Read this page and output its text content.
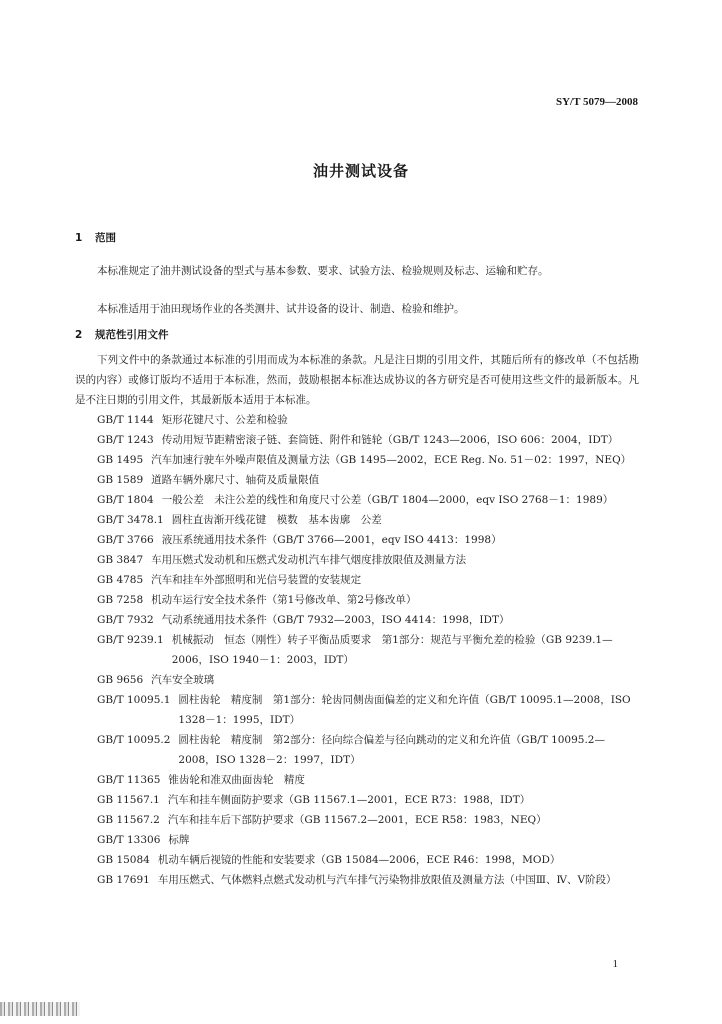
SY/T 5079—2008
油井测试设备
1 范围

本标准规定了油井测试设备的型式与基本参数、要求、试验方法、检验规则及标志、运输和贮存。

本标准适用于油田现场作业的各类测井、试井设备的设计、制造、检验和维护。

2 规范性引用文件

下列文件中的条款通过本标准的引用而成为本标准的条款。凡是注日期的引用文件，其随后所有的修改单（不包括勘误的内容）或修订版均不适用于本标准，然而，鼓励根据本标准达成协议的各方研究是否可使用这些文件的最新版本。凡是不注日期的引用文件，其最新版本适用于本标准。

GB/T 1144 矩形花键尺寸、公差和检验
GB/T 1243 传动用短节距精密滚子链、套筒链、附件和链轮（GB/T 1243—2006，ISO 606：2004，IDT）
GB 1495 汽车加速行驶车外噪声限值及测量方法（GB 1495—2002，ECE Reg. No. 51－02：1997，NEQ）
GB 1589 道路车辆外廓尺寸、轴荷及质量限值
GB/T 1804 一般公差　未注公差的线性和角度尺寸公差（GB/T 1804—2000，eqv ISO 2768－1：1989）
GB/T 3478.1 圆柱直齿渐开线花键　模数　基本齿廓　公差
GB/T 3766 液压系统通用技术条件（GB/T 3766—2001，eqv ISO 4413：1998）
GB 3847 车用压燃式发动机和压燃式发动机汽车排气烟度排放限值及测量方法
GB 4785 汽车和挂车外部照明和光信号装置的安装规定
GB 7258 机动车运行安全技术条件（第1号修改单、第2号修改单）
GB/T 7932 气动系统通用技术条件（GB/T 7932—2003，ISO 4414：1998，IDT）
GB/T 9239.1 机械振动　恒态（刚性）转子平衡品质要求　第1部分：规范与平衡允差的检验（GB 9239.1—2006，ISO 1940－1：2003，IDT）
GB 9656 汽车安全玻璃
GB/T 10095.1 圆柱齿轮　精度制　第1部分：轮齿同侧齿面偏差的定义和允许值（GB/T 10095.1—2008，ISO 1328－1：1995，IDT）
GB/T 10095.2 圆柱齿轮　精度制　第2部分：径向综合偏差与径向跳动的定义和允许值（GB/T 10095.2—2008，ISO 1328－2：1997，IDT）
GB/T 11365 锥齿轮和准双曲面齿轮　精度
GB 11567.1 汽车和挂车侧面防护要求（GB 11567.1—2001，ECE R73：1988，IDT）
GB 11567.2 汽车和挂车后下部防护要求（GB 11567.2—2001，ECE R58：1983，NEQ）
GB/T 13306 标牌
GB 15084 机动车辆后视镜的性能和安装要求（GB 15084—2006，ECE R46：1998，MOD）
GB 17691 车用压燃式、气体燃料点燃式发动机与汽车排气污染物排放限值及测量方法（中国Ⅲ、Ⅳ、Ⅴ阶段）
1
